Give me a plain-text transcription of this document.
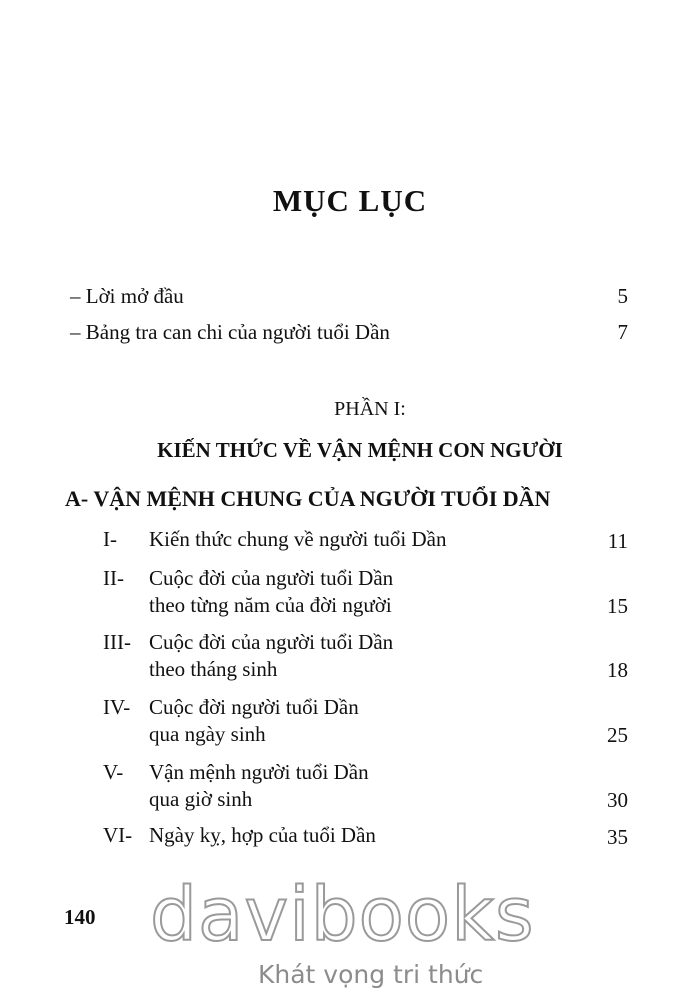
MỤC LỤC
– Lời mở đầu	5
– Bảng tra can chi của người tuổi Dần	7
PHẦN I:
KIẾN THỨC VỀ VẬN MỆNH CON NGƯỜI
A- VẬN MỆNH CHUNG CỦA NGƯỜI TUỔI DẦN
I- Kiến thức chung về người tuổi Dần	11
II- Cuộc đời của người tuổi Dần
theo từng năm của đời người	15
III- Cuộc đời của người tuổi Dần
theo tháng sinh	18
IV- Cuộc đời người tuổi Dần
qua ngày sinh	25
V- Vận mệnh người tuổi Dần
qua giờ sinh	30
VI- Ngày kỵ, hợp của tuổi Dần	35
140 davibooks
Khát vọng tri thức
